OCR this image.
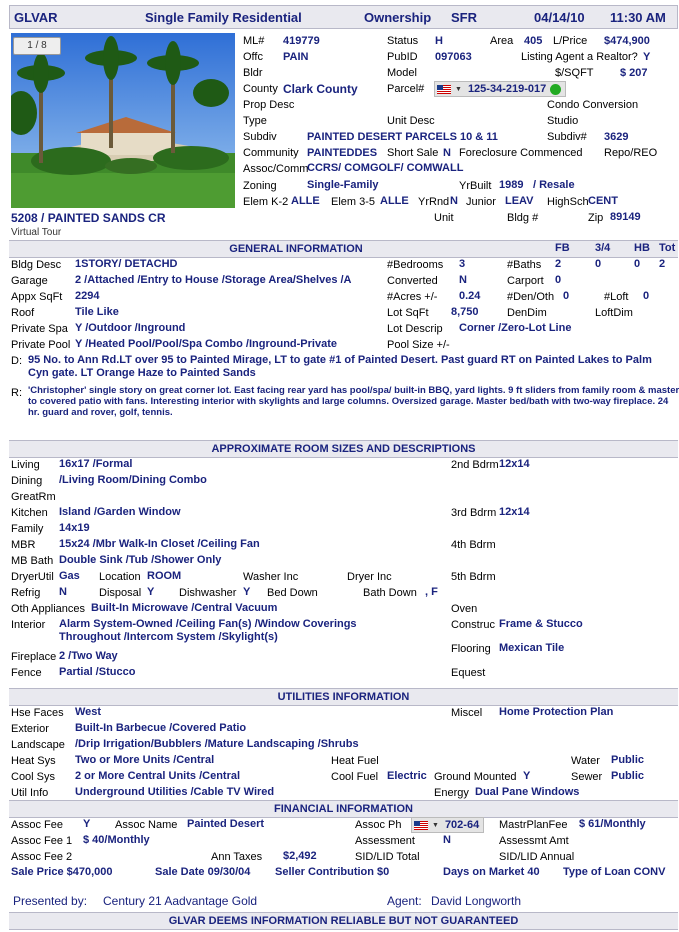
GLVAR	Single Family Residential	Ownership SFR	04/14/10 11:30 AM
1 / 8
5208 / PAINTED SANDS CR
Virtual Tour
ML# 419779	Status H	Area 405 L/Price $474,900
Offc PAIN	PubID 097063	Listing Agent a Realtor? Y
Bldr	Model	$/SQFT $ 207
County Clark County	Parcel#	▼ 125-34-219-017
Prop Desc	Condo Conversion
Type	Unit Desc	Studio
Subdiv	PAINTED DESERT PARCELS 10 & 11	Subdiv# 3629
Community PAINTEDDES Short Sale N Foreclosure Commenced Repo/REO
Assoc/Comm
CCRS/ COMGOLF/ COMWALL
Zoning	Single-Family	YrBuilt 1989 / Resale
Elem K-2 ALLE Elem 3-5 ALLE YrRnd N Junior LEAV HighSch CENT
Unit	Bldg #	Zip 89149
GENERAL INFORMATION	FB 3/4 HB Tot
Bldg Desc 1STORY/ DETACHD
Garage 2 /Attached /Entry to House /Storage Area/Shelves /A
Appx SqFt 2294
Roof	Tile Like
Private Spa Y /Outdoor /Inground
Private Pool Y /Heated Pool/Pool/Spa Combo /Inground-Private
#Bedrooms 3	#Baths 2	0	0 2
Converted N	Carport 0
#Acres +/- 0.24 #Den/Oth 0	#Loft 0
Lot SqFt 8,750	DenDim	LoftDim
Lot Descrip Corner /Zero-Lot Line
Pool Size +/-
D: 95 No. to Ann Rd.LT over 95 to Painted Mirage, LT to gate #1 of Painted Desert. Past guard RT on Painted Lakes to Palm Cyn gate. LT Orange Haze to Painted Sands
R: 'Christopher' single story on great corner lot. East facing rear yard has pool/spa/ built-in BBQ, yard lights. 9 ft sliders from family room & master to covered patio with fans. Interesting interior with skylights and large columns. Oversized garage. Master bed/bath with two-way fireplace. 24 hr. guard and rover, golf, tennis.
APPROXIMATE ROOM SIZES AND DESCRIPTIONS
Living 16x17 /Formal
Dining /Living Room/Dining Combo
GreatRm
Kitchen Island /Garden Window
Family 14x19
MBR 15x24 /Mbr Walk-In Closet /Ceiling Fan
MB Bath Double Sink /Tub /Shower Only
DryerUtil Gas Location ROOM	Washer Inc	Dryer Inc
Refrig N	Disposal Y Dishwasher Y Bed Down	Bath Down , F
Oth Appliances Built-In Microwave /Central Vacuum
Interior Alarm System-Owned /Ceiling Fan(s) /Window Coverings
Throughout /Intercom System /Skylight(s)
Fireplace 2 /Two Way
Fence Partial /Stucco
2nd Bdrm 12x14
3rd Bdrm 12x14
4th Bdrm
5th Bdrm
Oven
Construc Frame & Stucco
Flooring Mexican Tile
Equest
UTILITIES INFORMATION
Hse Faces West	Miscel Home Protection Plan
Exterior Built-In Barbecue /Covered Patio
Landscape /Drip Irrigation/Bubblers /Mature Landscaping /Shrubs
Heat Sys Two or More Units /Central	Heat Fuel	Water Public
Cool Sys 2 or More Central Units /Central	Cool Fuel Electric Ground Mounted Y	Sewer Public
Util Info Underground Utilities /Cable TV Wired	Energy Dual Pane Windows
FINANCIAL INFORMATION
Assoc Fee Y Assoc Name Painted Desert	Assoc Ph	▼ 702-64	MastrPlanFee $ 61/Monthly
Assoc Fee 1 $ 40/Monthly	Assessment	N	Assessmt Amt
Assoc Fee 2	Ann Taxes $2,492	SID/LID Total	SID/LID Annual
Sale Price $470,000	Sale Date 09/30/04 Seller Contribution $0	Days on Market 40 Type of Loan CONV
Presented by: Century 21 Aadvantage Gold	Agent: David Longworth
GLVAR DEEMS INFORMATION RELIABLE BUT NOT GUARANTEED
